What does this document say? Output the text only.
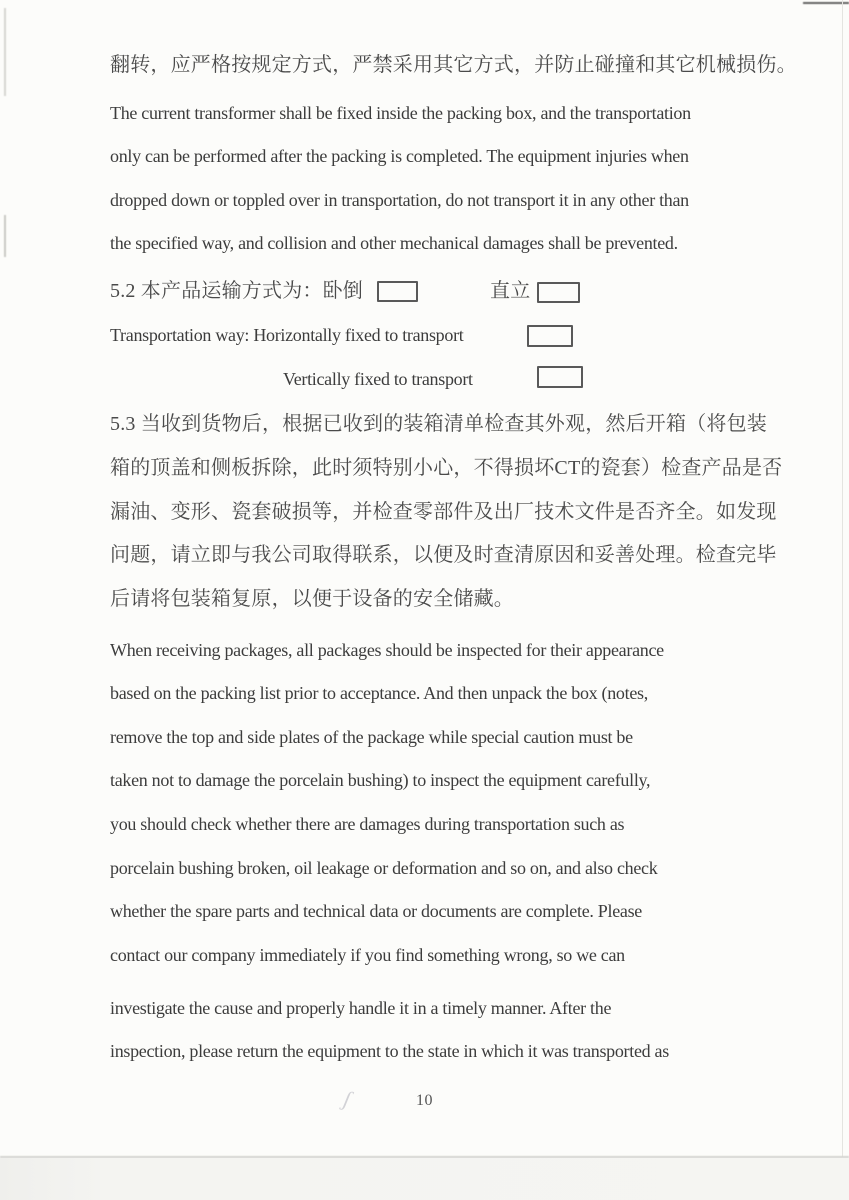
翻转，应严格按规定方式，严禁采用其它方式，并防止碰撞和其它机械损伤。
The current transformer shall be fixed inside the packing box, and the transportation
only can be performed after the packing is completed. The equipment injuries when
dropped down or toppled over in transportation, do not transport it in any other than
the specified way, and collision and other mechanical damages shall be prevented.
5.2 本产品运输方式为：卧倒	直立
Transportation way: Horizontally fixed to transport
Vertically fixed to transport
5.3 当收到货物后，根据已收到的装箱清单检查其外观，然后开箱（将包装
箱的顶盖和侧板拆除，此时须特别小心，不得损坏CT的瓷套）检查产品是否
漏油、变形、瓷套破损等，并检查零部件及出厂技术文件是否齐全。如发现
问题，请立即与我公司取得联系，以便及时查清原因和妥善处理。检查完毕
后请将包装箱复原，以便于设备的安全储藏。
When receiving packages, all packages should be inspected for their appearance
based on the packing list prior to acceptance. And then unpack the box (notes,
remove the top and side plates of the package while special caution must be
taken not to damage the porcelain bushing) to inspect the equipment carefully,
you should check whether there are damages during transportation such as
porcelain bushing broken, oil leakage or deformation and so on, and also check
whether the spare parts and technical data or documents are complete. Please
contact our company immediately if you find something wrong, so we can
investigate the cause and properly handle it in a timely manner. After the
inspection, please return the equipment to the state in which it was transported as
ʃ	10
